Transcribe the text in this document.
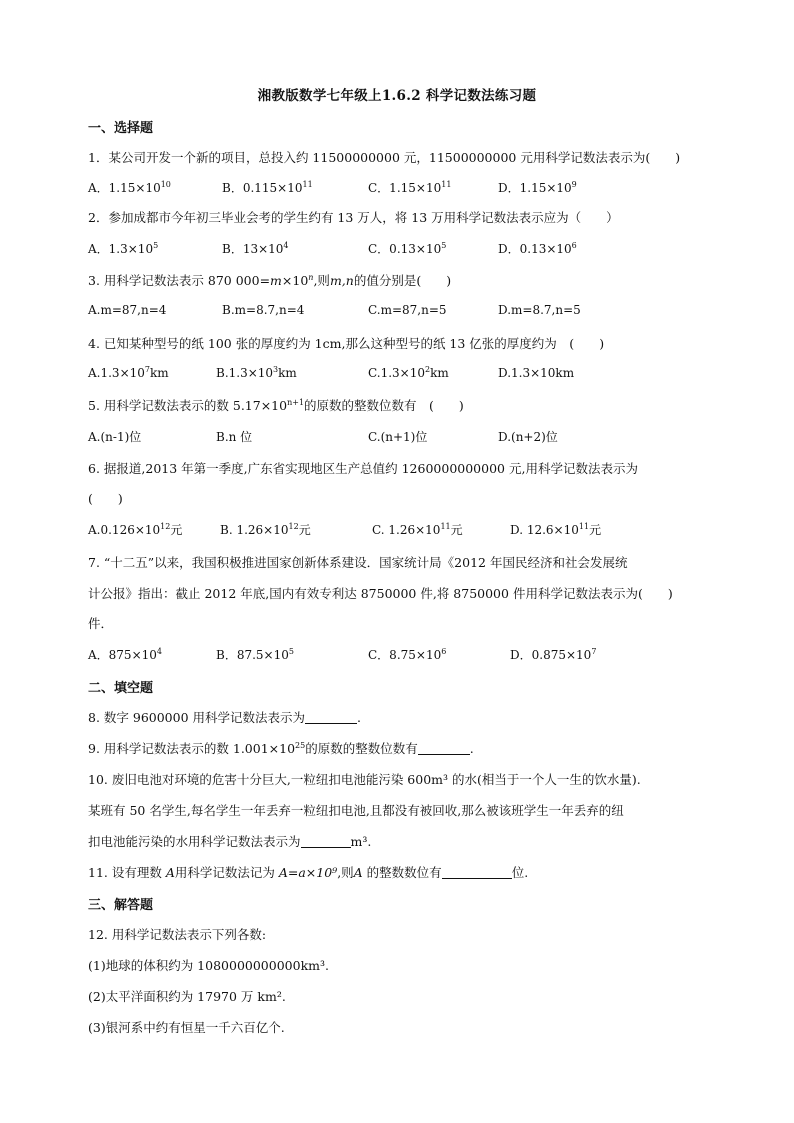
湘教版数学七年级上1.6.2 科学记数法练习题
一、选择题
1．某公司开发一个新的项目，总投入约 11500000000 元，11500000000 元用科学记数法表示为(　　)
A．$1.15\times 10^{10}$	B．$0.115\times 10^{11}$	C．$1.15\times 10^{11}$	D．$1.15\times 10^9$
2．参加成都市今年初三毕业会考的学生约有 13 万人，将 13 万用科学记数法表示应为（　　）
A．$1.3\times 10^5$	B．$13\times 10^4$	C．$0.13\times 10^5$	D．$0.13\times 10^6$
3. 用科学记数法表示 870 $000=m\times 10^n$,则m,n的值分别是(　　)
A.m=87,n=4	B.m=8.7,n=4	C.m=87,n=5	D.m=8.7,n=5
4. 已知某种型号的纸 100 张的厚度约为 1cm,那么这种型号的纸 13 亿张的厚度约为　(　　)
$A.1.3\times 10^7km$	$B.1.3\times 10^3km$	$C.1.3\times 10^2km$	D.1.3×10km
5. 用科学记数法表示的数 $5.17\times 10^{n+1}$的原数的整数位数有　(　　)
A.(n-1)位	B.n 位	C.(n+1)位	D.(n+2)位
6. 据报道,2013 年第一季度,广东省实现地区生产总值约 1260000000000 元,用科学记数法表示为
(　　)
$A.0.126\times 10^{12}$元	B. $1.26\times 10^{12}$元	C. $1.26\times 10^{11}$元	D. $12.6\times 10^{11}$元
7. “十二五”以来，我国积极推进国家创新体系建设．国家统计局《2012 年国民经济和社会发展统
计公报》指出：截止 2012 年底,国内有效专利达 8750000 件,将 8750000 件用科学记数法表示为(　　)
件．
A．$875\times 10^4$	B．$87.5\times 10^5$	C．$8.75\times 10^6$	D．$0.875\times 10^7$
二、填空题
8. 数字 9600000 用科学记数法表示为	.
9. 用科学记数法表示的数 $1.001\times 10^{25}$的原数的整数位数有	.
10. 废旧电池对环境的危害十分巨大,一粒纽扣电池能污染 600m³ 的水(相当于一个人一生的饮水量).
某班有 50 名学生,每名学生一年丢弃一粒纽扣电池,且都没有被回收,那么被该班学生一年丢弃的纽
扣电池能污染的水用科学记数法表示为	m³.
11. 设有理数 A用科学记数法记为 A=a×10⁹,则A 的整数数位有	位.
三、解答题
12. 用科学记数法表示下列各数:
(1)地球的体积约为 1080000000000km³.
(2)太平洋面积约为 17970 万 km².
(3)银河系中约有恒星一千六百亿个.
